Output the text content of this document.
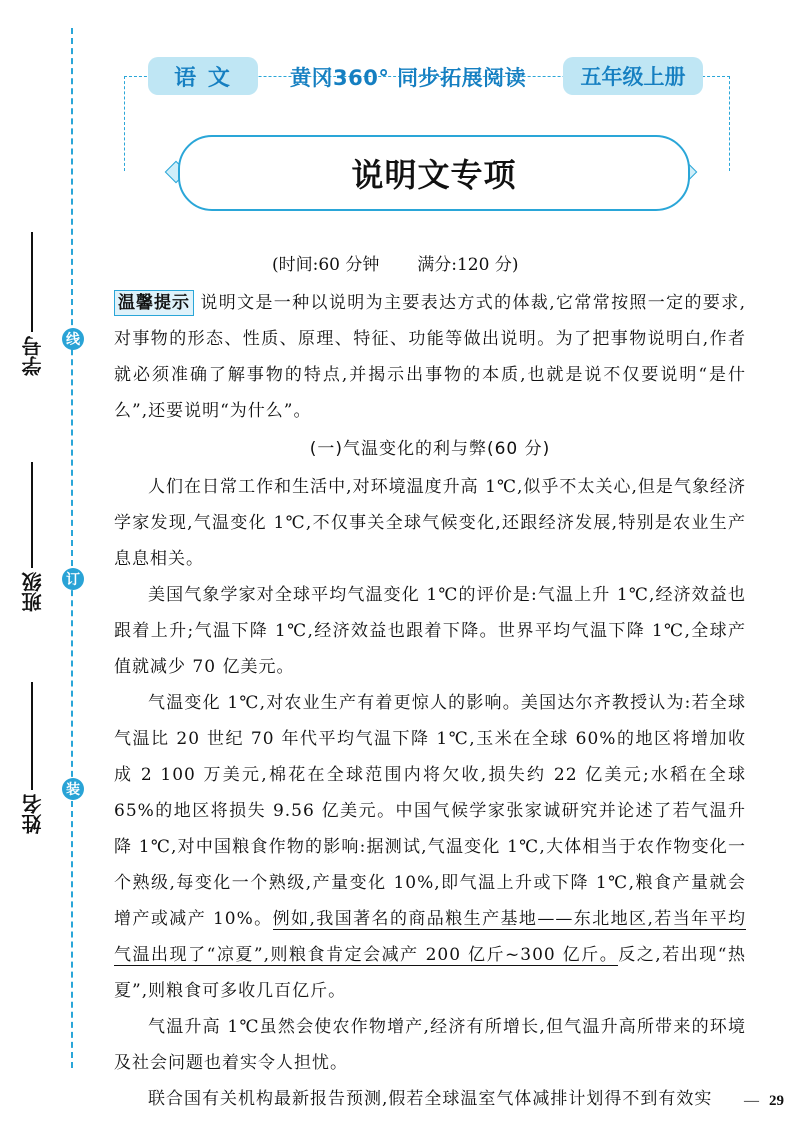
线
订
装
学号
班级
姓名
语 文	黄冈360° 同步拓展阅读	五年级上册
说明文专项
(时间:60 分钟 满分:120 分)

温馨提示 说明文是一种以说明为主要表达方式的体裁,它常常按照一定的要求,对事物的形态、性质、原理、特征、功能等做出说明。为了把事物说明白,作者就必须准确了解事物的特点,并揭示出事物的本质,也就是说不仅要说明“是什么”,还要说明“为什么”。

(一)气温变化的利与弊(60 分)

人们在日常工作和生活中,对环境温度升高 1℃,似乎不太关心,但是气象经济学家发现,气温变化 1℃,不仅事关全球气候变化,还跟经济发展,特别是农业生产息息相关。

美国气象学家对全球平均气温变化 1℃的评价是:气温上升 1℃,经济效益也跟着上升;气温下降 1℃,经济效益也跟着下降。世界平均气温下降 1℃,全球产值就减少 70 亿美元。

气温变化 1℃,对农业生产有着更惊人的影响。美国达尔齐教授认为:若全球气温比 20 世纪 70 年代平均气温下降 1℃,玉米在全球 60%的地区将增加收成 2 100 万美元,棉花在全球范围内将欠收,损失约 22 亿美元;水稻在全球 65%的地区将损失 9.56 亿美元。中国气候学家张家诚研究并论述了若气温升降 1℃,对中国粮食作物的影响:据测试,气温变化 1℃,大体相当于农作物变化一个熟级,每变化一个熟级,产量变化 10%,即气温上升或下降 1℃,粮食产量就会增产或减产 10%。例如,我国著名的商品粮生产基地——东北地区,若当年平均气温出现了“凉夏”,则粮食肯定会减产 200 亿斤~300 亿斤。反之,若出现“热夏”,则粮食可多收几百亿斤。

气温升高 1℃虽然会使农作物增产,经济有所增长,但气温升高所带来的环境及社会问题也着实令人担忧。

联合国有关机构最新报告预测,假若全球温室气体减排计划得不到有效实	— 29
